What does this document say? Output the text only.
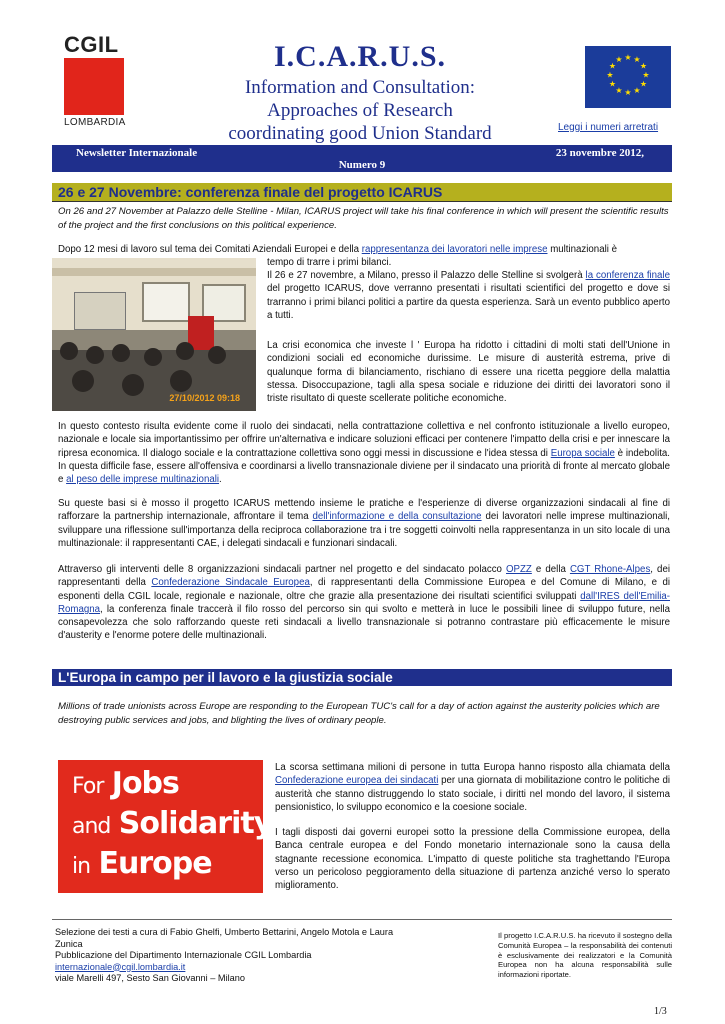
CGIL
LOMBARDIA
I.C.A.R.U.S.
Information and Consultation:
Approaches of Research
coordinating good Union Standard
★ ★
★
★
★
★
★
★
★
★
★
★
Leggi i numeri arretrati
Newsletter Internazionale	23 novembre 2012,
Numero 9
26 e 27 Novembre: conferenza finale del progetto ICARUS
On 26 and 27 November at Palazzo delle Stelline - Milan, ICARUS project will take his final conference in which will present the scientific results of the project and the first conclusions on this political experience.
Dopo 12 mesi di lavoro sul tema dei Comitati Aziendali Europei e della rappresentanza dei lavoratori nelle imprese multinazionali è
27/10/2012 09:18
tempo di trarre i primi bilanci.
Il 26 e 27 novembre, a Milano, presso il Palazzo delle Stelline si svolgerà la conferenza finale del progetto ICARUS, dove verranno presentati i risultati scientifici del progetto e dove si trarranno i primi bilanci politici a partire da questa esperienza. Sarà un evento pubblico aperto a tutti.
La crisi economica che investe l ' Europa ha ridotto i cittadini di molti stati dell'Unione in condizioni sociali ed economiche durissime. Le misure di austerità estrema, prive di qualunque forma di bilanciamento, rischiano di essere una ricetta peggiore della malattia stessa. Disoccupazione, tagli alla spesa sociale e riduzione dei diritti dei lavoratori sono il triste risultato di queste scellerate politiche economiche.
In questo contesto risulta evidente come il ruolo dei sindacati, nella contrattazione collettiva e nel confronto istituzionale a livello europeo, nazionale e locale sia importantissimo per offrire un'alternativa e indicare soluzioni efficaci per contenere l'impatto della crisi e per innescare la ripresa economica. Il dialogo sociale e la contrattazione collettiva sono oggi messi in discussione e l'idea stessa di Europa sociale è indebolita. In questa difficile fase, essere all'offensiva e coordinarsi a livello transnazionale diviene per il sindacato una priorità di fronte al mercato globale e al peso delle imprese multinazionali.
Su queste basi si è mosso il progetto ICARUS mettendo insieme le pratiche e l'esperienze di diverse organizzazioni sindacali al fine di rafforzare la partnership internazionale, affrontare il tema dell'informazione e della consultazione dei lavoratori nelle imprese multinazionali, sviluppare una riflessione sull'importanza della reciproca collaborazione tra i tre soggetti coinvolti nella rappresentanza in un sito locale di una multinazionale: il rappresentanti CAE, i delegati sindacali e funzionari sindacali.
Attraverso gli interventi delle 8 organizzazioni sindacali partner nel progetto e del sindacato polacco OPZZ e della CGT Rhone-Alpes, dei rappresentanti della Confederazione Sindacale Europea, di rappresentanti della Commissione Europea e del Comune di Milano, e di esponenti della CGIL locale, regionale e nazionale, oltre che grazie alla presentazione dei risultati scientifici sviluppati dall'IRES dell'Emilia-Romagna, la conferenza finale traccerà il filo rosso del percorso sin qui svolto e metterà in luce le possibili linee di sviluppo future, nella consapevolezza che solo rafforzando queste reti sindacali a livello transnazionale si potranno contrastare più efficacemente le misure d'austerity e l'enorme potere delle multinazionali.
L'Europa in campo per il lavoro e la giustizia sociale
Millions of trade unionists across Europe are responding to the European TUC's call for a day of action against the austerity policies which are destroying public services and jobs, and blighting the lives of ordinary people.
For Jobs
and Solidarity
in Europe
La scorsa settimana milioni di persone in tutta Europa hanno risposto alla chiamata della Confederazione europea dei sindacati per una giornata di mobilitazione contro le politiche di austerità che stanno distruggendo lo stato sociale, i diritti nel mondo del lavoro, il sistema pensionistico, lo sviluppo economico e la coesione sociale.
I tagli disposti dai governi europei sotto la pressione della Commissione europea, della Banca centrale europea e del Fondo monetario internazionale sono la causa della stagnante recessione economica. L'impatto di queste politiche sta traghettando l'Europa verso un pericoloso peggioramento della situazione di partenza anziché verso lo sperato miglioramento.
Selezione dei testi a cura di Fabio Ghelfi, Umberto Bettarini, Angelo Motola e Laura Zunica
Pubblicazione del Dipartimento Internazionale CGIL Lombardia
internazionale@cgil.lombardia.it
viale Marelli 497, Sesto San Giovanni – Milano
Il progetto I.C.A.R.U.S. ha ricevuto il sostegno della Comunità Europea – la responsabilità dei contenuti è esclusivamente dei realizzatori e la Comunità Europea non ha alcuna responsabilità sulle informazioni riportate.
1/3
